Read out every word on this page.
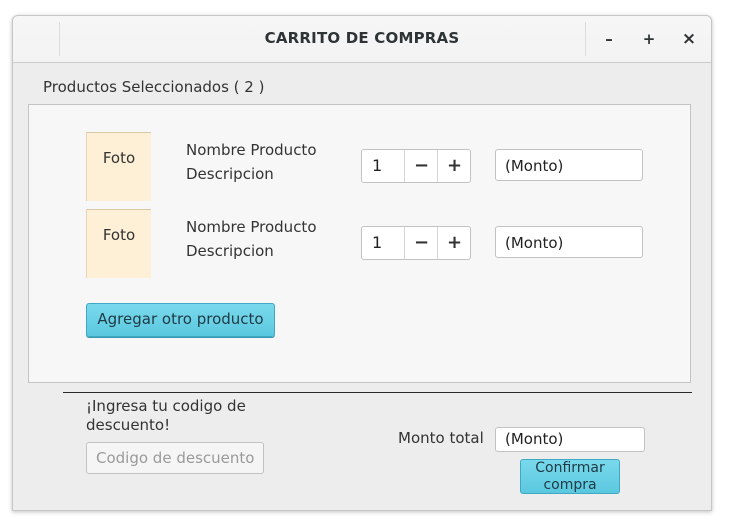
CARRITO DE COMPRAS	–	+	×
Productos Seleccionados ( 2 )
Foto	Nombre Producto
Descripcion	1	− +	(Monto)
Foto	Nombre Producto
Descripcion	1	− +	(Monto)
Agregar otro producto
¡Ingresa tu codigo de descuento!
Codigo de descuento
Monto total	(Monto)
Confirmar compra
